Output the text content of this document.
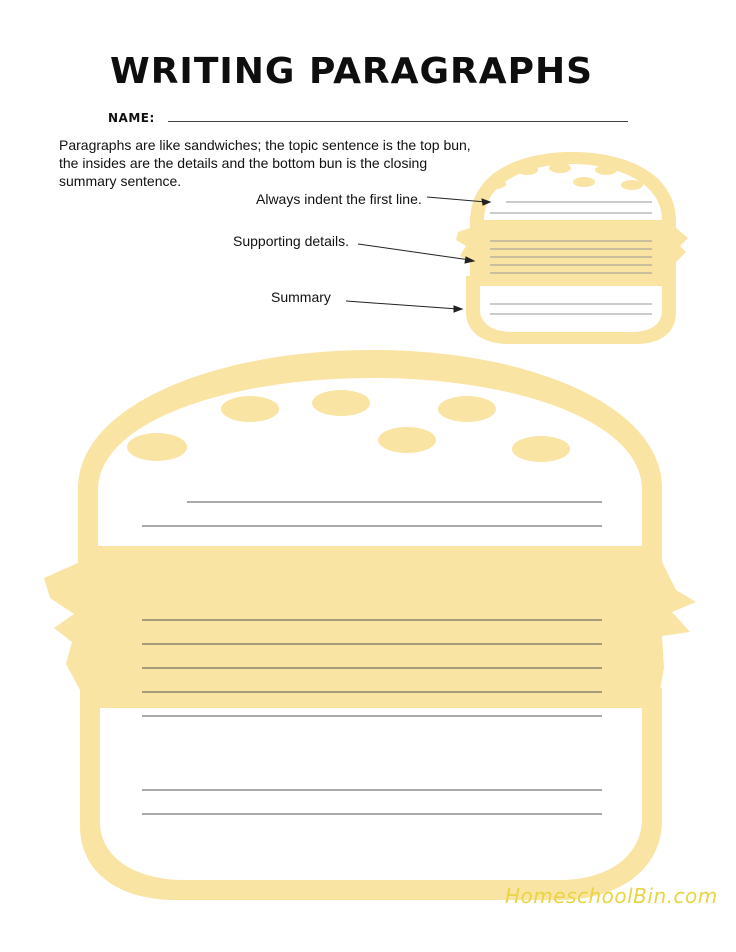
WRITING PARAGRAPHS
NAME:

Paragraphs are like sandwiches; the topic sentence is the top bun, the insides are the details and the bottom bun is the closing summary sentence.

Always indent the first line.
Supporting details.
Summary
HomeschoolBin.com
